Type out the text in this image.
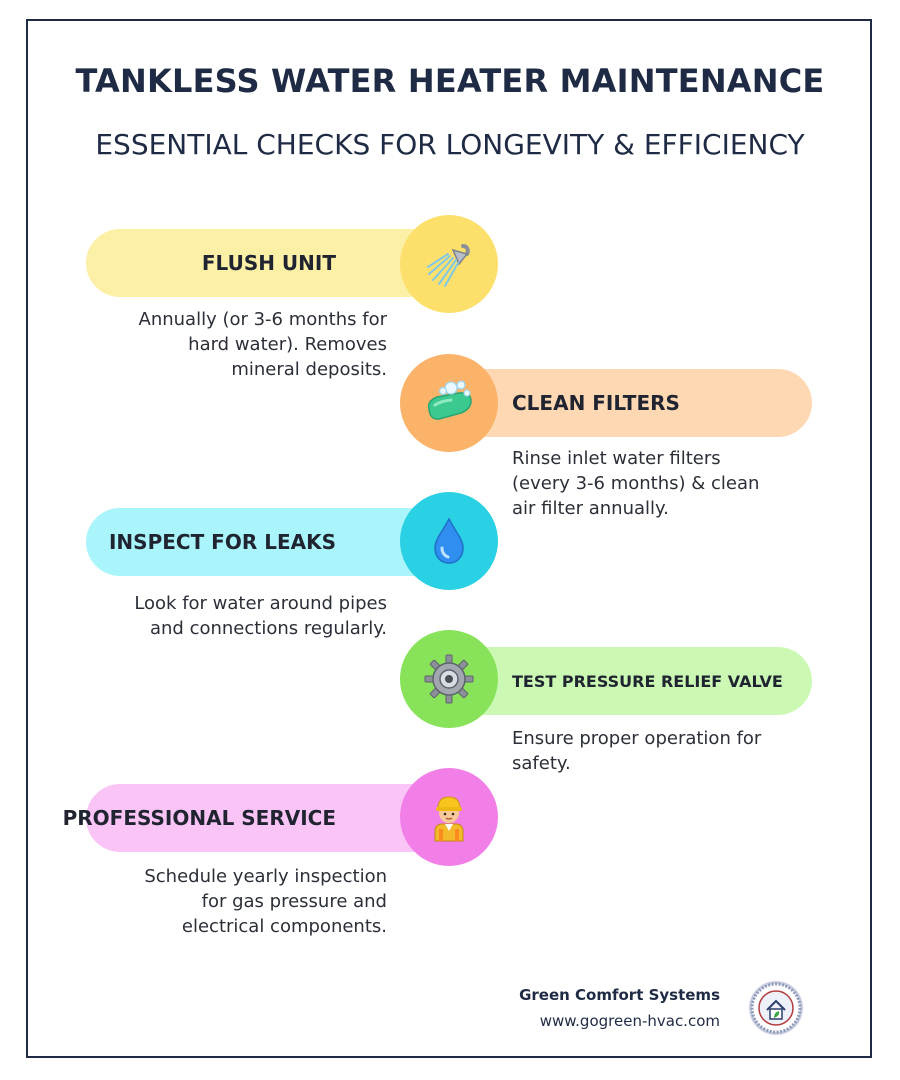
TANKLESS WATER HEATER MAINTENANCE
ESSENTIAL CHECKS FOR LONGEVITY & EFFICIENCY
FLUSH UNIT
Annually (or 3-6 months for
hard water). Removes
mineral deposits.
CLEAN FILTERS
Rinse inlet water filters
(every 3-6 months) & clean
air filter annually.
INSPECT FOR LEAKS
Look for water around pipes
and connections regularly.
TEST PRESSURE RELIEF VALVE
Ensure proper operation for
safety.
PROFESSIONAL SERVICE
Schedule yearly inspection
for gas pressure and
electrical components.
Green Comfort Systems
www.gogreen-hvac.com
